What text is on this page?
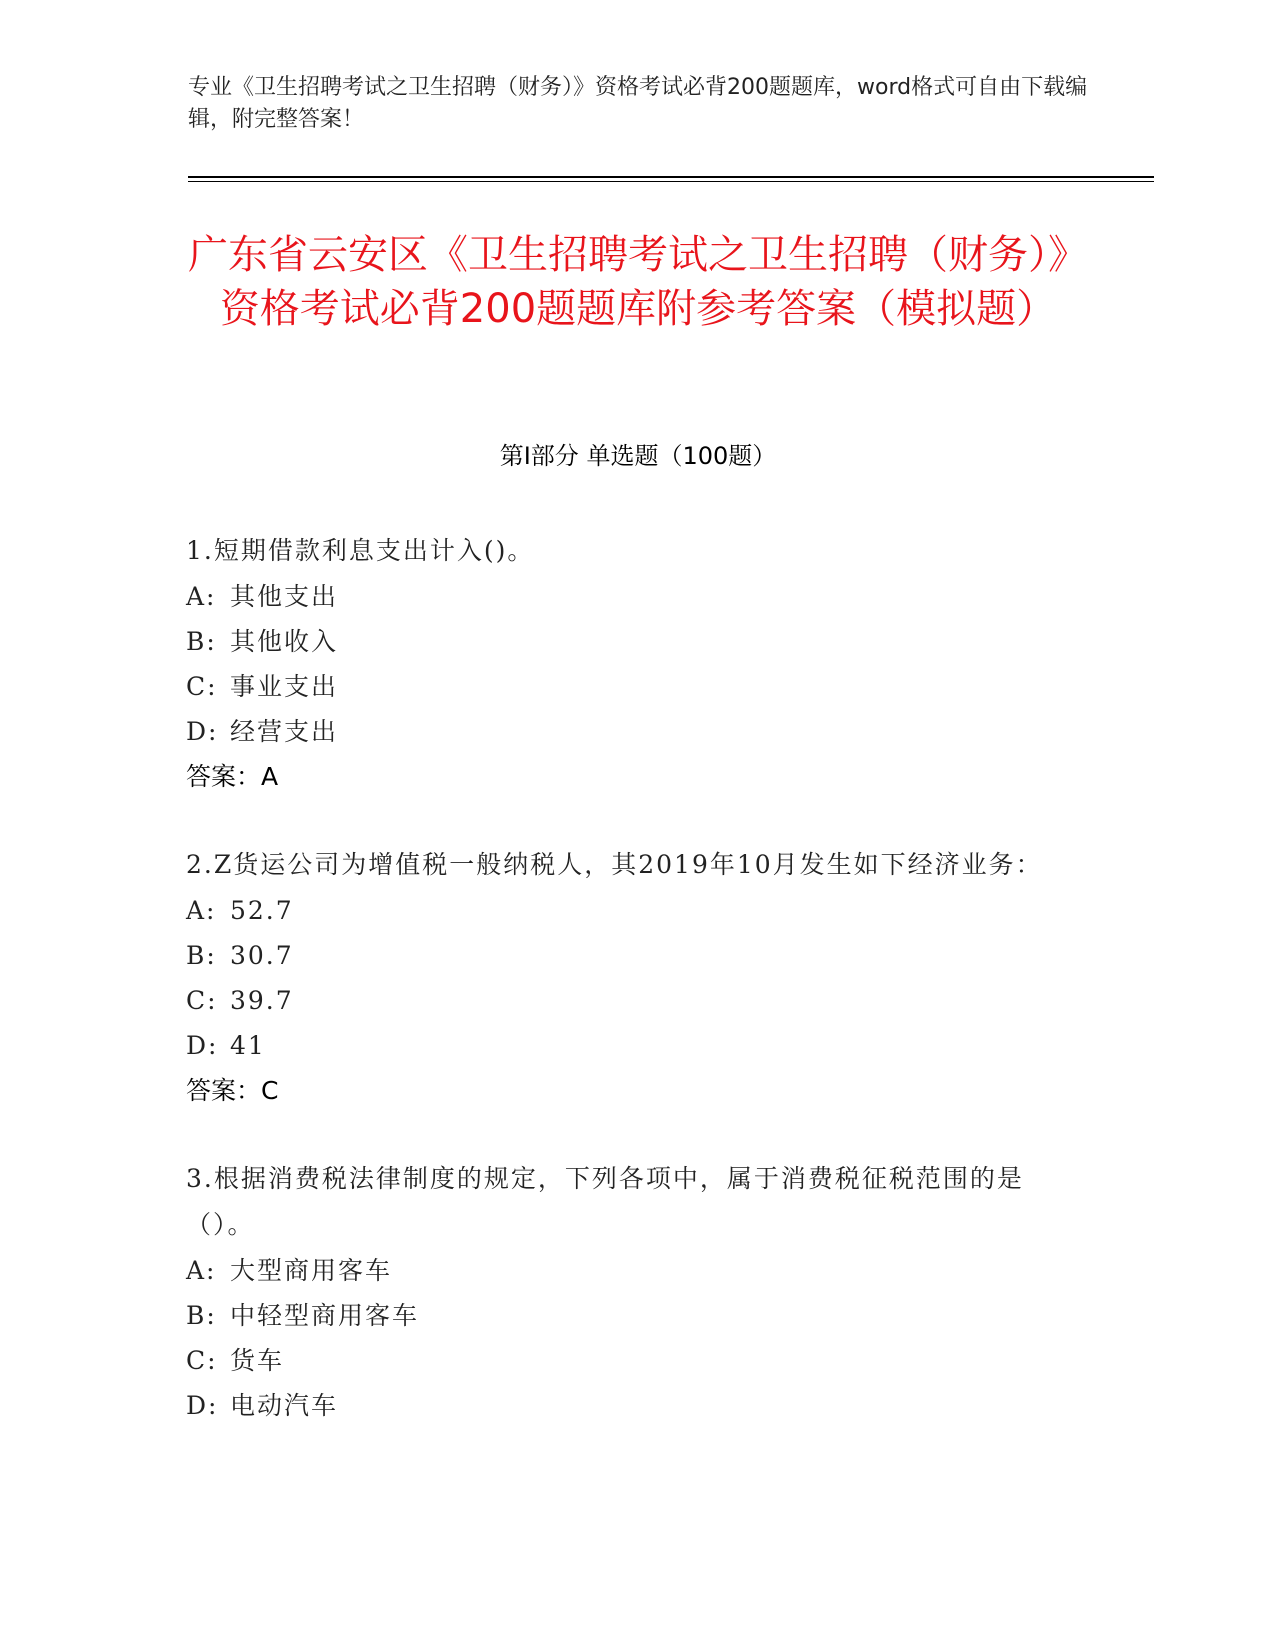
专业《卫生招聘考试之卫生招聘（财务）》资格考试必背200题题库，word格式可自由下载编辑，附完整答案！
广东省云安区《卫生招聘考试之卫生招聘（财务）》资格考试必背200题题库附参考答案（模拟题）
第Ⅰ部分 单选题（100题）
1.短期借款利息支出计入()。
A: 其他支出
B: 其他收入
C: 事业支出
D: 经营支出
答案：A
2.Z货运公司为增值税一般纳税人，其2019年10月发生如下经济业务：
A: 52.7
B: 30.7
C: 39.7
D: 41
答案：C
3.根据消费税法律制度的规定，下列各项中，属于消费税征税范围的是（）。
A: 大型商用客车
B: 中轻型商用客车
C: 货车
D: 电动汽车
